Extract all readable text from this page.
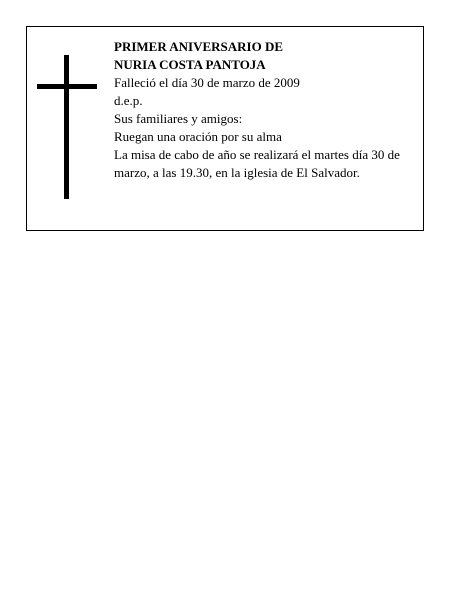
PRIMER ANIVERSARIO DE
NURIA COSTA PANTOJA
Falleció el día 30 de marzo de 2009
d.e.p.
Sus familiares y amigos:
Ruegan una oración por su alma
La misa de cabo de año se realizará el martes día 30 de marzo, a las 19.30, en la iglesia de El Salvador.
